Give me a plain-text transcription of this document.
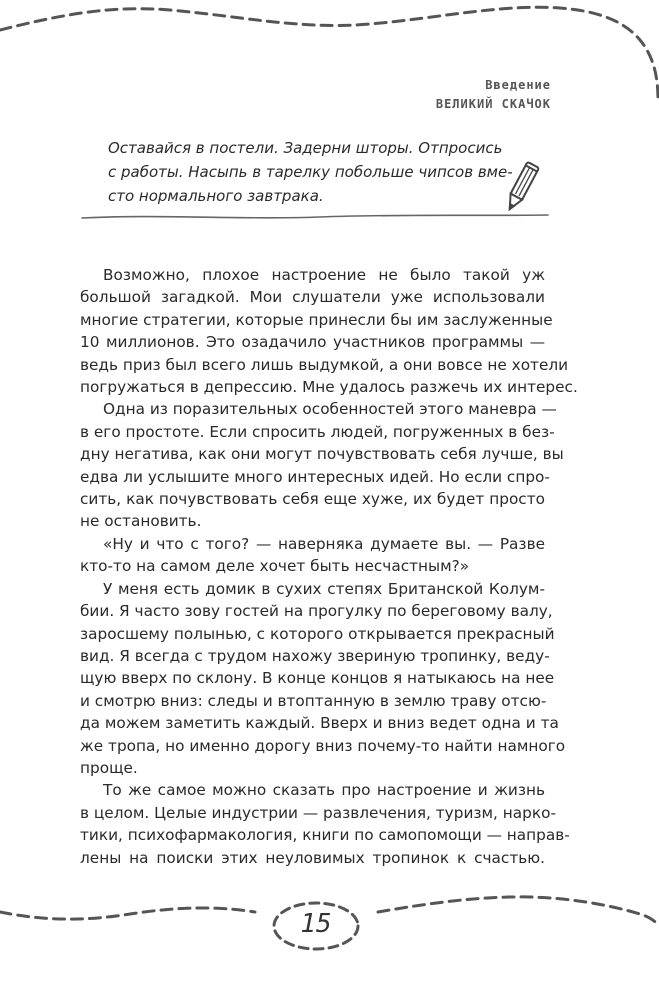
Введение
ВЕЛИКИЙ СКАЧОК
Оставайся в постели. Задерни шторы. Отпросись
с работы. Насыпь в тарелку побольше чипсов вме-
сто нормального завтрака.
Возможно, плохое настроение не было такой уж
большой загадкой. Мои слушатели уже использовали
многие стратегии, которые принесли бы им заслуженные
10 миллионов. Это озадачило участников программы —
ведь приз был всего лишь выдумкой, а они вовсе не хотели
погружаться в депрессию. Мне удалось разжечь их интерес.
Одна из поразительных особенностей этого маневра —
в его простоте. Если спросить людей, погруженных в без-
дну негатива, как они могут почувствовать себя лучше, вы
едва ли услышите много интересных идей. Но если спро-
сить, как почувствовать себя еще хуже, их будет просто
не остановить.
«Ну и что с того? — наверняка думаете вы. — Разве
кто-то на самом деле хочет быть несчастным?»
У меня есть домик в сухих степях Британской Колум-
бии. Я часто зову гостей на прогулку по береговому валу,
заросшему полынью, с которого открывается прекрасный
вид. Я всегда с трудом нахожу звериную тропинку, веду-
щую вверх по склону. В конце концов я натыкаюсь на нее
и смотрю вниз: следы и втоптанную в землю траву отсю-
да можем заметить каждый. Вверх и вниз ведет одна и та
же тропа, но именно дорогу вниз почему-то найти намного
проще.
То же самое можно сказать про настроение и жизнь
в целом. Целые индустрии — развлечения, туризм, нарко-
тики, психофармакология, книги по самопомощи — направ-
лены на поиски этих неуловимых тропинок к счастью.
15
